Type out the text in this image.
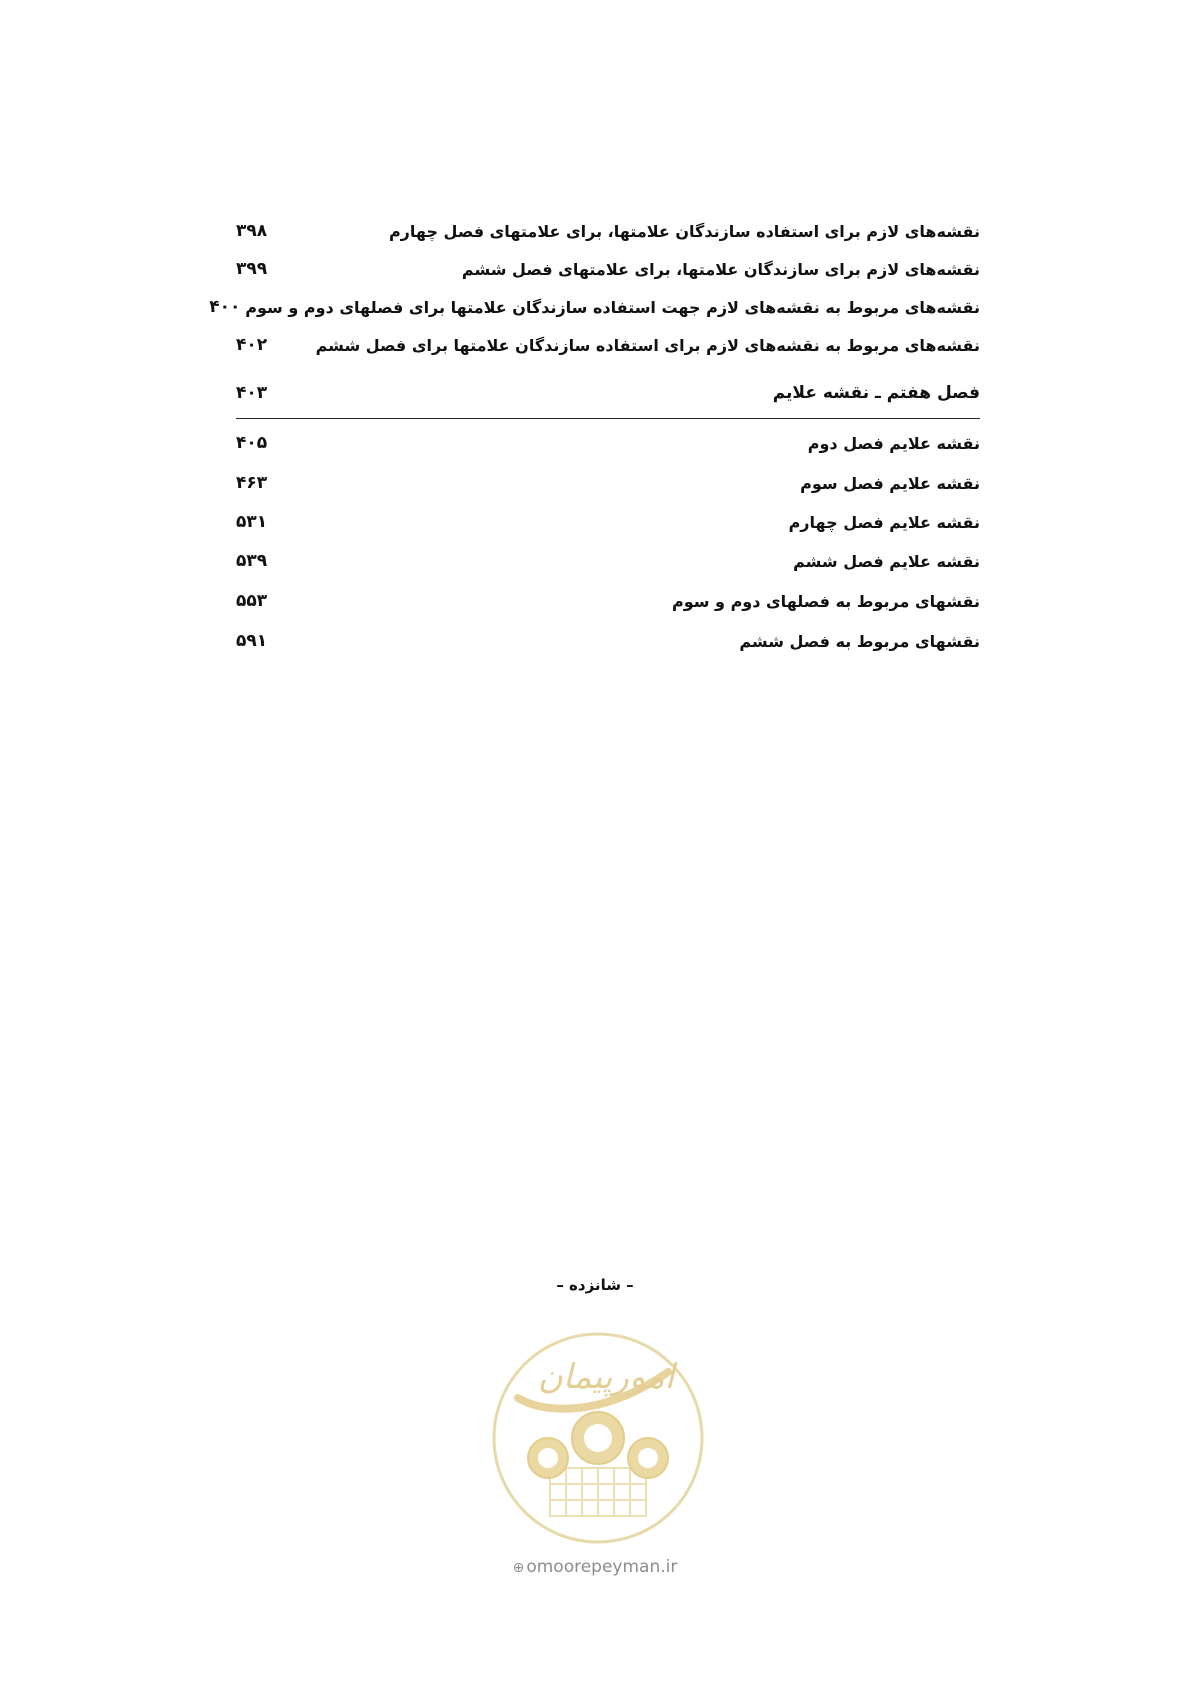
نقشه‌های لازم برای استفاده سازندگان علامتها، برای علامتهای فصل چهارم
۳۹۸
نقشه‌های لازم برای سازندگان علامتها، برای علامتهای فصل ششم
۳۹۹
نقشه‌های مربوط به نقشه‌های لازم جهت استفاده سازندگان علامتها برای فصلهای دوم و سوم
۴۰۰
نقشه‌های مربوط به نقشه‌های لازم برای استفاده سازندگان علامتها برای فصل ششم
۴۰۲
فصل هفتم ـ نقشه علایم
۴۰۳
نقشه علایم فصل دوم
۴۰۵
نقشه علایم فصل سوم
۴۶۳
نقشه علایم فصل چهارم
۵۳۱
نقشه علایم فصل ششم
۵۳۹
نقشهای مربوط به فصلهای دوم و سوم
۵۵۳
نقشهای مربوط به فصل ششم
۵۹۱
– شانزده –
امورپیمان
⊕ omoorepeyman.ir
